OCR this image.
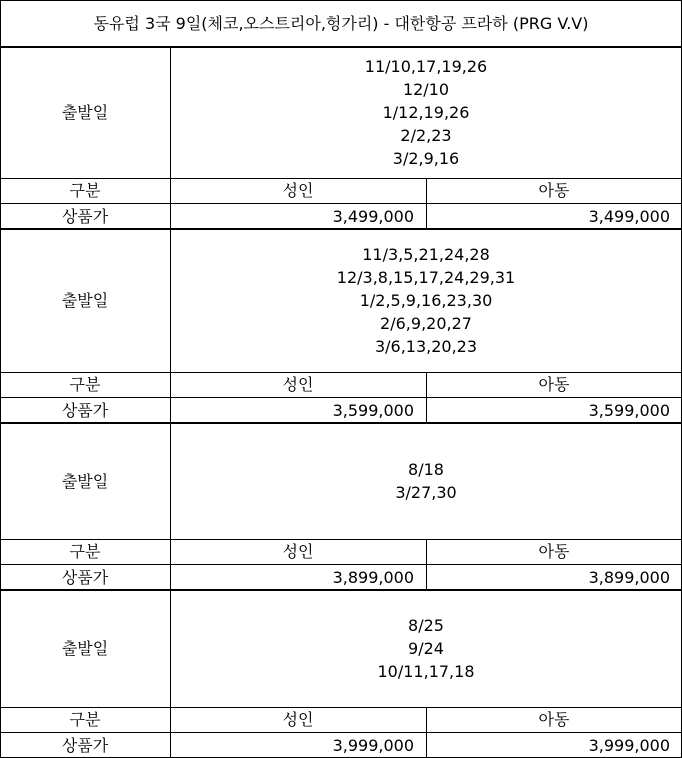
동유럽 3국 9일(체코,오스트리아,헝가리) - 대한항공 프라하 (PRG V.V)
출발일
11/10,17,19,26
12/10
1/12,19,26
2/2,23
3/2,9,16
구분	성인	아동
상품가	3,499,000	3,499,000
출발일
11/3,5,21,24,28
12/3,8,15,17,24,29,31
1/2,5,9,16,23,30
2/6,9,20,27
3/6,13,20,23
구분	성인	아동
상품가	3,599,000	3,599,000
출발일
8/18
3/27,30
구분	성인	아동
상품가	3,899,000	3,899,000
출발일
8/25
9/24
10/11,17,18
구분	성인	아동
상품가	3,999,000	3,999,000
